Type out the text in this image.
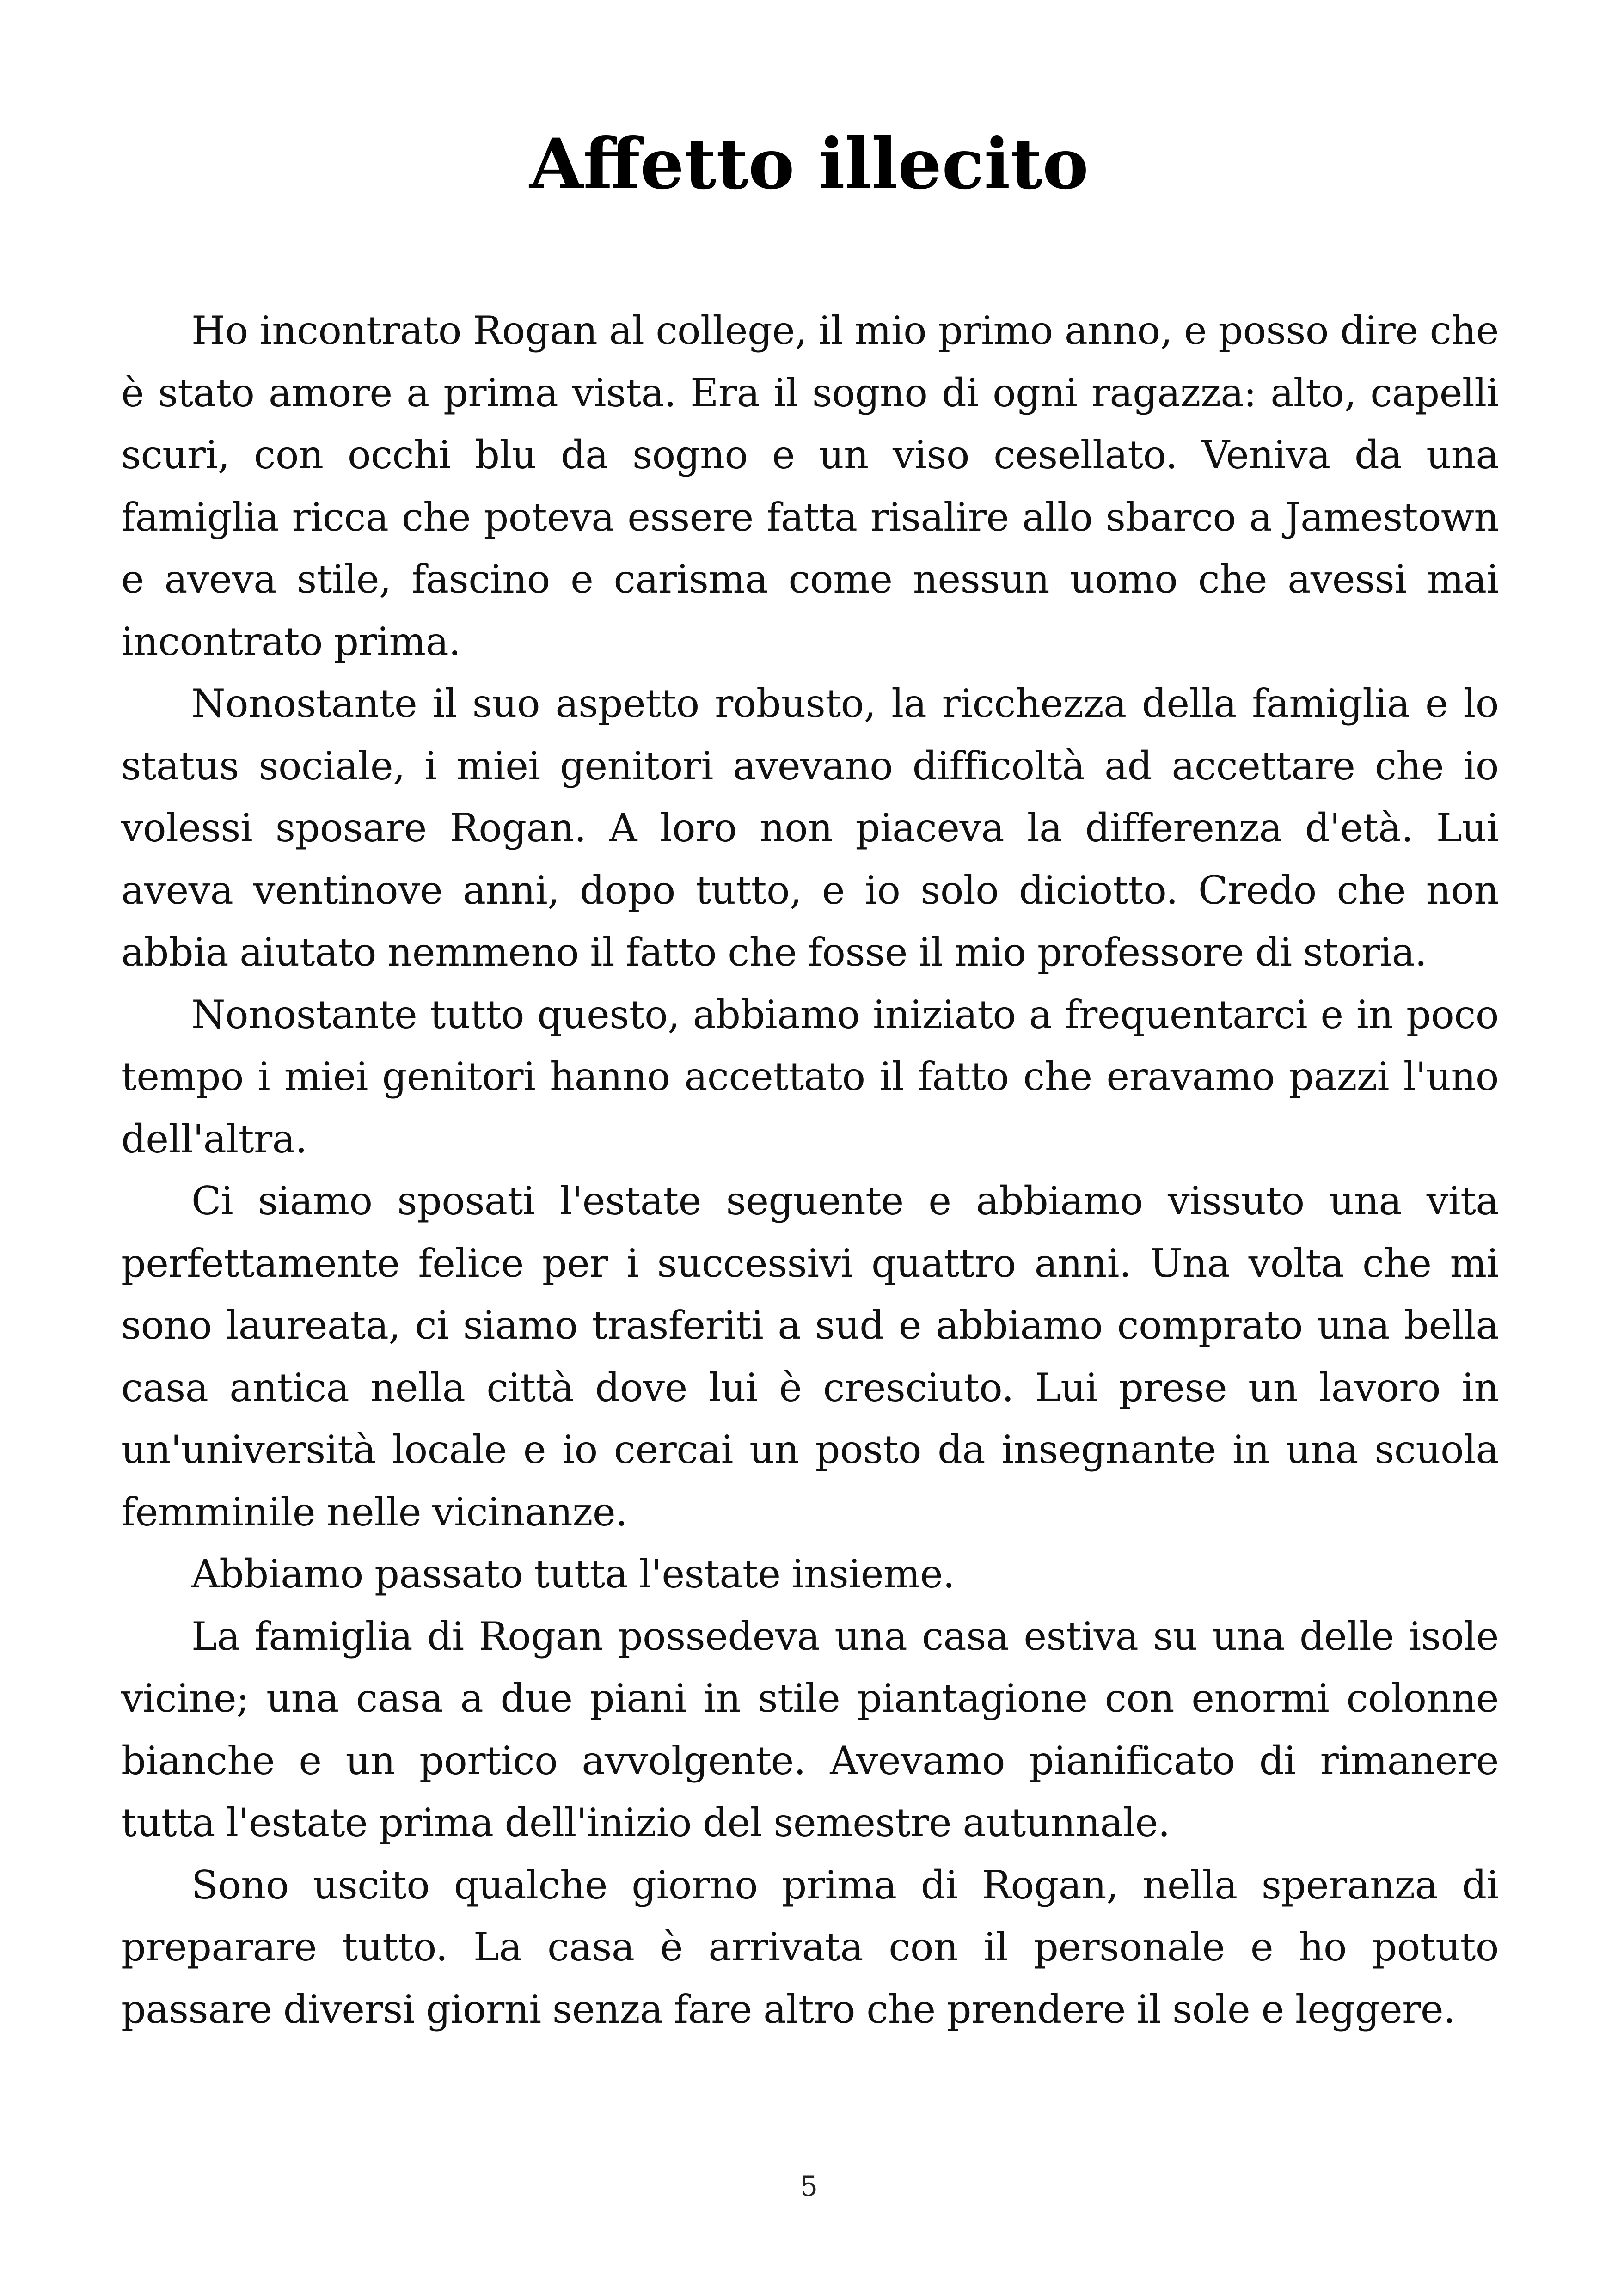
Affetto illecito

Ho incontrato Rogan al college, il mio primo anno, e posso dire che è stato amore a prima vista. Era il sogno di ogni ragazza: alto, capelli scuri, con occhi blu da sogno e un viso cesellato. Veniva da una famiglia ricca che poteva essere fatta risalire allo sbarco a Jamestown e aveva stile, fascino e carisma come nessun uomo che avessi mai incontrato prima.

Nonostante il suo aspetto robusto, la ricchezza della famiglia e lo status sociale, i miei genitori avevano difficoltà ad accettare che io volessi sposare Rogan. A loro non piaceva la differenza d'età. Lui aveva ventinove anni, dopo tutto, e io solo diciotto. Credo che non abbia aiutato nemmeno il fatto che fosse il mio professore di storia.

Nonostante tutto questo, abbiamo iniziato a frequentarci e in poco tempo i miei genitori hanno accettato il fatto che eravamo pazzi l'uno dell'altra.

Ci siamo sposati l'estate seguente e abbiamo vissuto una vita perfettamente felice per i successivi quattro anni. Una volta che mi sono laureata, ci siamo trasferiti a sud e abbiamo comprato una bella casa antica nella città dove lui è cresciuto. Lui prese un lavoro in un'università locale e io cercai un posto da insegnante in una scuola femminile nelle vicinanze.

Abbiamo passato tutta l'estate insieme.

La famiglia di Rogan possedeva una casa estiva su una delle isole vicine; una casa a due piani in stile piantagione con enormi colonne bianche e un portico avvolgente. Avevamo pianificato di rimanere tutta l'estate prima dell'inizio del semestre autunnale.

Sono uscito qualche giorno prima di Rogan, nella speranza di preparare tutto. La casa è arrivata con il personale e ho potuto passare diversi giorni senza fare altro che prendere il sole e leggere.

5
